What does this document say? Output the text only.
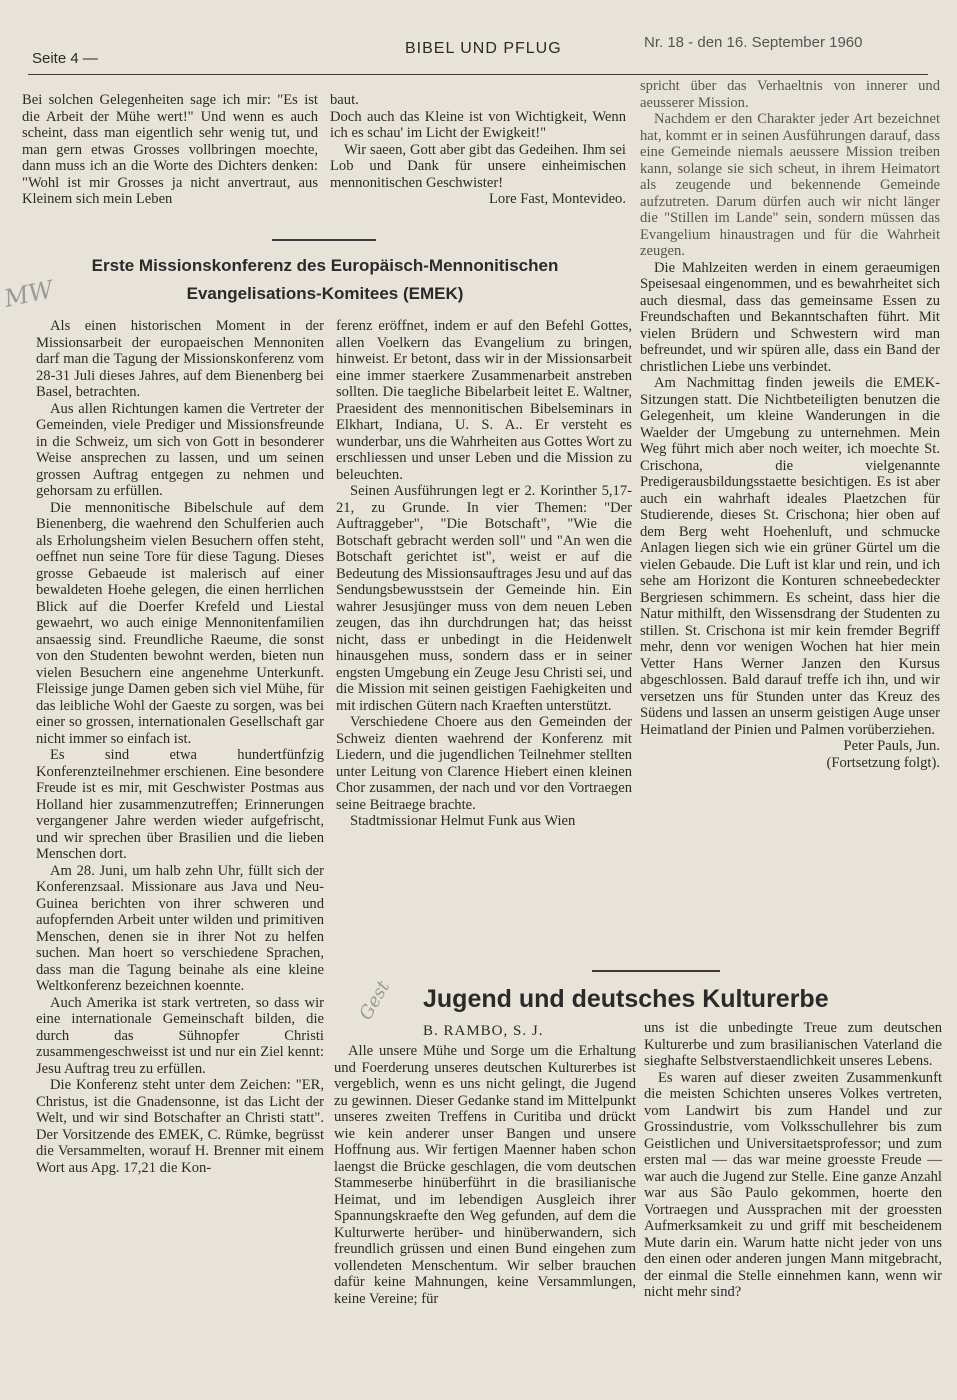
Seite 4 —
BIBEL UND PFLUG	Nr. 18 - den 16. September 1960

Bei solchen Gelegenheiten sage ich mir: "Es ist die Arbeit der Mühe wert!" Und wenn es auch scheint, dass man eigentlich sehr wenig tut, und man gern etwas Grosses vollbringen moechte, dann muss ich an die Worte des Dichters denken: "Wohl ist mir Grosses ja nicht anvertraut, aus Kleinem sich mein Leben

baut.

Doch auch das Kleine ist von Wichtigkeit, Wenn ich es schau' im Licht der Ewigkeit!"

Wir saeen, Gott aber gibt das Gedeihen. Ihm sei Lob und Dank für unsere einheimischen mennonitischen Geschwister!

Lore Fast, Montevideo.

MW
Erste Missionskonferenz des Europäisch-Mennonitischen
Evangelisations-Komitees (EMEK)

Als einen historischen Moment in der Missionsarbeit der europaeischen Mennoniten darf man die Tagung der Missionskonferenz vom 28-31 Juli dieses Jahres, auf dem Bienenberg bei Basel, betrachten.

Aus allen Richtungen kamen die Vertreter der Gemeinden, viele Prediger und Missionsfreunde in die Schweiz, um sich von Gott in besonderer Weise ansprechen zu lassen, und um seinen grossen Auftrag entgegen zu nehmen und gehorsam zu erfüllen.

Die mennonitische Bibelschule auf dem Bienenberg, die waehrend den Schulferien auch als Erholungsheim vielen Besuchern offen steht, oeffnet nun seine Tore für diese Tagung. Dieses grosse Gebaeude ist malerisch auf einer bewaldeten Hoehe gelegen, die einen herrlichen Blick auf die Doerfer Krefeld und Liestal gewaehrt, wo auch einige Mennonitenfamilien ansaessig sind. Freundliche Raeume, die sonst von den Studenten bewohnt werden, bieten nun vielen Besuchern eine angenehme Unterkunft. Fleissige junge Damen geben sich viel Mühe, für das leibliche Wohl der Gaeste zu sorgen, was bei einer so grossen, internationalen Gesellschaft gar nicht immer so einfach ist.

Es sind etwa hundertfünfzig Konferenzteilnehmer erschienen. Eine besondere Freude ist es mir, mit Geschwister Postmas aus Holland hier zusammenzutreffen; Erinnerungen vergangener Jahre werden wieder aufgefrischt, und wir sprechen über Brasilien und die lieben Menschen dort.

Am 28. Juni, um halb zehn Uhr, füllt sich der Konferenzsaal. Missionare aus Java und Neu-Guinea berichten von ihrer schweren und aufopfernden Arbeit unter wilden und primitiven Menschen, denen sie in ihrer Not zu helfen suchen. Man hoert so verschiedene Sprachen, dass man die Tagung beinahe als eine kleine Weltkonferenz bezeichnen koennte.

Auch Amerika ist stark vertreten, so dass wir eine internationale Gemeinschaft bilden, die durch das Sühnopfer Christi zusammengeschweisst ist und nur ein Ziel kennt: Jesu Auftrag treu zu erfüllen.

Die Konferenz steht unter dem Zeichen: "ER, Christus, ist die Gnadensonne, ist das Licht der Welt, und wir sind Botschafter an Christi statt". Der Vorsitzende des EMEK, C. Rümke, begrüsst die Versammelten, worauf H. Brenner mit einem Wort aus Apg. 17,21 die Kon-

ferenz eröffnet, indem er auf den Befehl Gottes, allen Voelkern das Evangelium zu bringen, hinweist. Er betont, dass wir in der Missionsarbeit eine immer staerkere Zusammenarbeit anstreben sollten. Die taegliche Bibelarbeit leitet E. Waltner, Praesident des mennonitischen Bibelseminars in Elkhart, Indiana, U. S. A.. Er versteht es wunderbar, uns die Wahrheiten aus Gottes Wort zu erschliessen und unser Leben und die Mission zu beleuchten.

Seinen Ausführungen legt er 2. Korinther 5,17-21, zu Grunde. In vier Themen: "Der Auftraggeber", "Die Botschaft", "Wie die Botschaft gebracht werden soll" und "An wen die Botschaft gerichtet ist", weist er auf die Bedeutung des Missionsauftrages Jesu und auf das Sendungsbewusstsein der Gemeinde hin. Ein wahrer Jesusjünger muss von dem neuen Leben zeugen, das ihn durchdrungen hat; das heisst nicht, dass er unbedingt in die Heidenwelt hinausgehen muss, sondern dass er in seiner engsten Umgebung ein Zeuge Jesu Christi sei, und die Mission mit seinen geistigen Faehigkeiten und mit irdischen Gütern nach Kraeften unterstützt.

Verschiedene Choere aus den Gemeinden der Schweiz dienten waehrend der Konferenz mit Liedern, und die jugendlichen Teilnehmer stellten unter Leitung von Clarence Hiebert einen kleinen Chor zusammen, der nach und vor den Vortraegen seine Beitraege brachte.

Stadtmissionar Helmut Funk aus Wien

spricht über das Verhaeltnis von innerer und aeusserer Mission.

Nachdem er den Charakter jeder Art bezeichnet hat, kommt er in seinen Ausführungen darauf, dass eine Gemeinde niemals aeussere Mission treiben kann, solange sie sich scheut, in ihrem Heimatort als zeugende und bekennende Gemeinde aufzutreten. Darum dürfen auch wir nicht länger die "Stillen im Lande" sein, sondern müssen das Evangelium hinaustragen und für die Wahrheit zeugen.

Die Mahlzeiten werden in einem geraeumigen Speisesaal eingenommen, und es bewahrheitet sich auch diesmal, dass das gemeinsame Essen zu Freundschaften und Bekanntschaften führt. Mit vielen Brüdern und Schwestern wird man befreundet, und wir spüren alle, dass ein Band der christlichen Liebe uns verbindet.

Am Nachmittag finden jeweils die EMEK-Sitzungen statt. Die Nichtbeteiligten benutzen die Gelegenheit, um kleine Wanderungen in die Waelder der Umgebung zu unternehmen. Mein Weg führt mich aber noch weiter, ich moechte St. Crischona, die vielgenannte Predigerausbildungsstaette besichtigen. Es ist aber auch ein wahrhaft ideales Plaetzchen für Studierende, dieses St. Crischona; hier oben auf dem Berg weht Hoehenluft, und schmucke Anlagen liegen sich wie ein grüner Gürtel um die vielen Gebaude. Die Luft ist klar und rein, und ich sehe am Horizont die Konturen schneebedeckter Bergriesen schimmern. Es scheint, dass hier die Natur mithilft, den Wissensdrang der Studenten zu stillen. St. Crischona ist mir kein fremder Begriff mehr, denn vor wenigen Wochen hat hier mein Vetter Hans Werner Janzen den Kursus abgeschlossen. Bald darauf treffe ich ihn, und wir versetzen uns für Stunden unter das Kreuz des Südens und lassen an unserm geistigen Auge unser Heimatland der Pinien und Palmen vorüberziehen.

Peter Pauls, Jun.

(Fortsetzung folgt).

Gest Jugend und deutsches Kulturerbe
B. RAMBO, S. J.

Alle unsere Mühe und Sorge um die Erhaltung und Foerderung unseres deutschen Kulturerbes ist vergeblich, wenn es uns nicht gelingt, die Jugend zu gewinnen. Dieser Gedanke stand im Mittelpunkt unseres zweiten Treffens in Curitiba und drückt wie kein anderer unser Bangen und unsere Hoffnung aus. Wir fertigen Maenner haben schon laengst die Brücke geschlagen, die vom deutschen Stammeserbe hinüberführt in die brasilianische Heimat, und im lebendigen Ausgleich ihrer Spannungskraefte den Weg gefunden, auf dem die Kulturwerte herüber- und hinüberwandern, sich freundlich grüssen und einen Bund eingehen zum vollendeten Menschentum. Wir selber brauchen dafür keine Mahnungen, keine Versammlungen, keine Vereine; für

uns ist die unbedingte Treue zum deutschen Kulturerbe und zum brasilianischen Vaterland die sieghafte Selbstverstaendlichkeit unseres Lebens.

Es waren auf dieser zweiten Zusammenkunft die meisten Schichten unseres Volkes vertreten, vom Landwirt bis zum Handel und zur Grossindustrie, vom Volksschullehrer bis zum Geistlichen und Universitaetsprofessor; und zum ersten mal — das war meine groesste Freude — war auch die Jugend zur Stelle. Eine ganze Anzahl war aus São Paulo gekommen, hoerte den Vortraegen und Aussprachen mit der groessten Aufmerksamkeit zu und griff mit bescheidenem Mute darin ein. Warum hatte nicht jeder von uns den einen oder anderen jungen Mann mitgebracht, der einmal die Stelle einnehmen kann, wenn wir nicht mehr sind?
